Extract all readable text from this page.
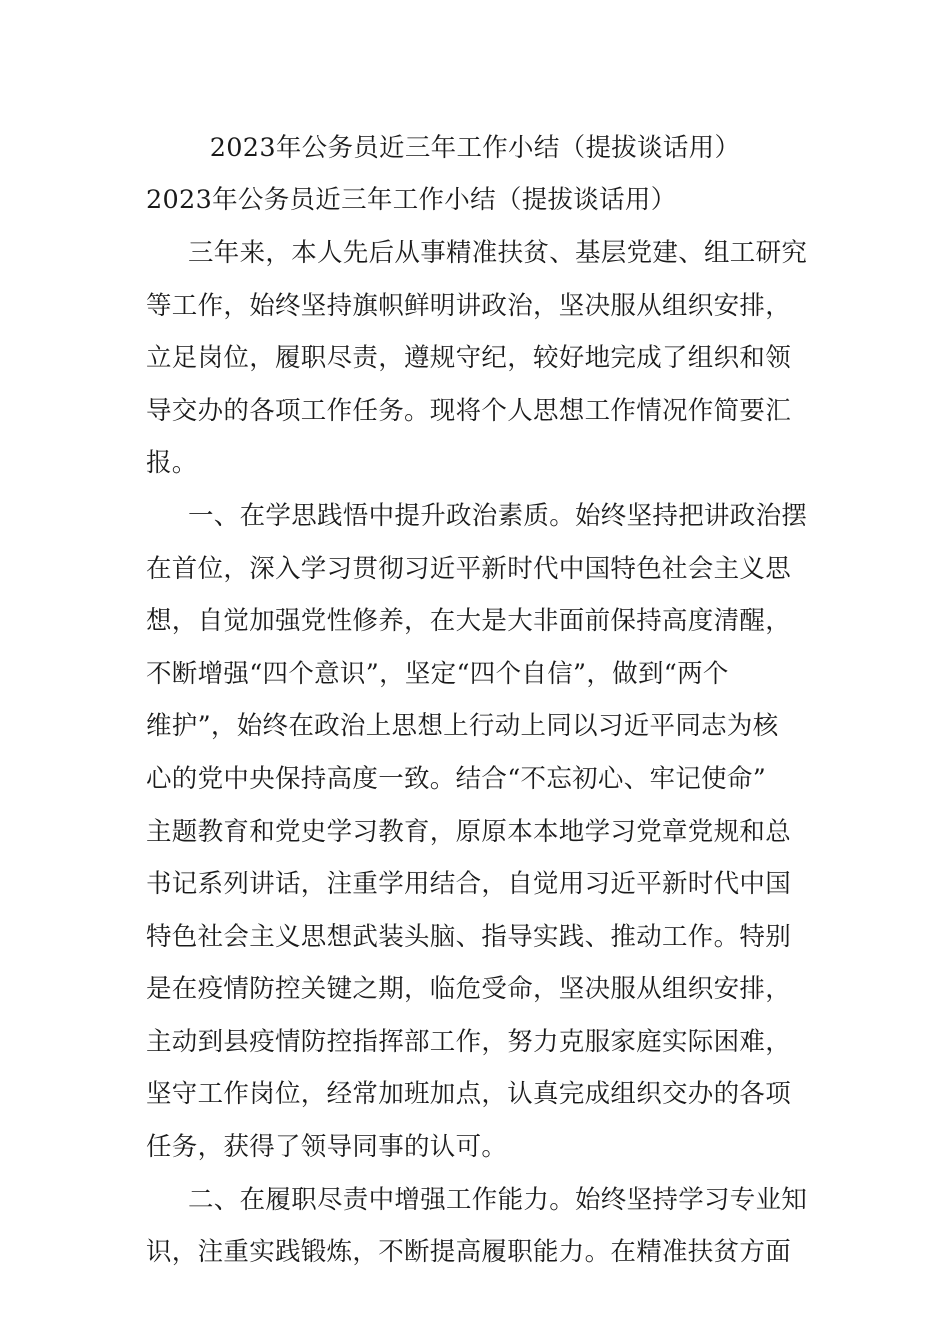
2023年公务员近三年工作小结（提拔谈话用）
2023年公务员近三年工作小结（提拔谈话用）
三年来，本人先后从事精准扶贫、基层党建、组工研究
等工作，始终坚持旗帜鲜明讲政治，坚决服从组织安排，
立足岗位，履职尽责，遵规守纪，较好地完成了组织和领
导交办的各项工作任务。现将个人思想工作情况作简要汇
报。
一、在学思践悟中提升政治素质。始终坚持把讲政治摆
在首位，深入学习贯彻习近平新时代中国特色社会主义思
想，自觉加强党性修养，在大是大非面前保持高度清醒，
不断增强“四个意识”，坚定“四个自信”，做到“两个
维护”，始终在政治上思想上行动上同以习近平同志为核
心的党中央保持高度一致。结合“不忘初心、牢记使命”
主题教育和党史学习教育，原原本本地学习党章党规和总
书记系列讲话，注重学用结合，自觉用习近平新时代中国
特色社会主义思想武装头脑、指导实践、推动工作。特别
是在疫情防控关键之期，临危受命，坚决服从组织安排，
主动到县疫情防控指挥部工作，努力克服家庭实际困难，
坚守工作岗位，经常加班加点，认真完成组织交办的各项
任务，获得了领导同事的认可。
二、在履职尽责中增强工作能力。始终坚持学习专业知
识，注重实践锻炼，不断提高履职能力。在精准扶贫方面
